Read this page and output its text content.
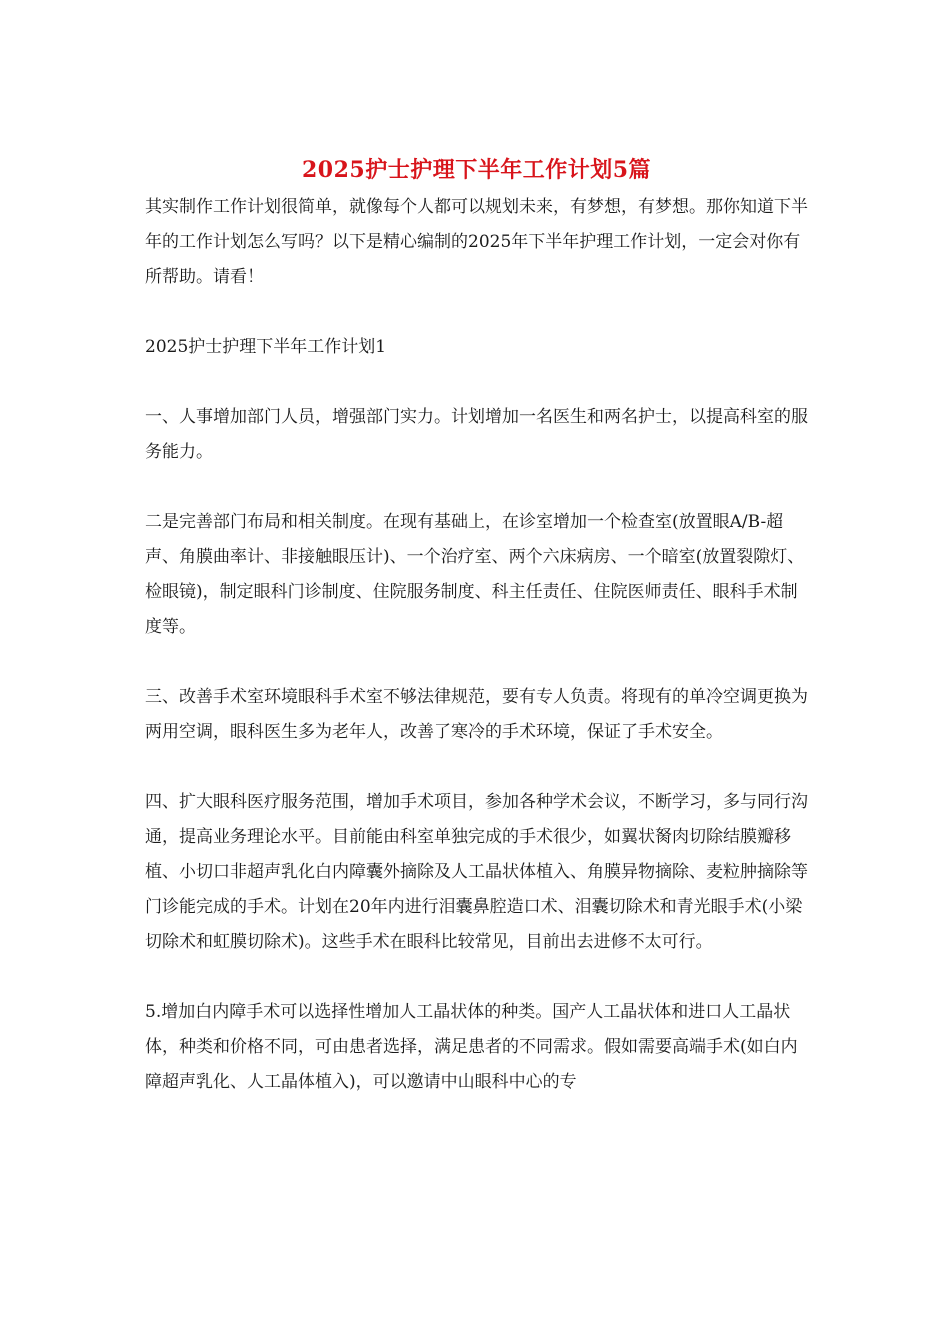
2025护士护理下半年工作计划5篇

其实制作工作计划很简单，就像每个人都可以规划未来，有梦想，有梦想。那你知道下半年的工作计划怎么写吗？以下是精心编制的2025年下半年护理工作计划，一定会对你有所帮助。请看！

2025护士护理下半年工作计划1

一、人事增加部门人员，增强部门实力。计划增加一名医生和两名护士，以提高科室的服务能力。

二是完善部门布局和相关制度。在现有基础上，在诊室增加一个检查室(放置眼A/B-超声、角膜曲率计、非接触眼压计)、一个治疗室、两个六床病房、一个暗室(放置裂隙灯、检眼镜)，制定眼科门诊制度、住院服务制度、科主任责任、住院医师责任、眼科手术制度等。

三、改善手术室环境眼科手术室不够法律规范，要有专人负责。将现有的单冷空调更换为两用空调，眼科医生多为老年人，改善了寒冷的手术环境，保证了手术安全。

四、扩大眼科医疗服务范围，增加手术项目，参加各种学术会议，不断学习，多与同行沟通，提高业务理论水平。目前能由科室单独完成的手术很少，如翼状胬肉切除结膜瓣移植、小切口非超声乳化白内障囊外摘除及人工晶状体植入、角膜异物摘除、麦粒肿摘除等门诊能完成的手术。计划在20年内进行泪囊鼻腔造口术、泪囊切除术和青光眼手术(小梁切除术和虹膜切除术)。这些手术在眼科比较常见，目前出去进修不太可行。

5.增加白内障手术可以选择性增加人工晶状体的种类。国产人工晶状体和进口人工晶状体，种类和价格不同，可由患者选择，满足患者的不同需求。假如需要高端手术(如白内障超声乳化、人工晶体植入)，可以邀请中山眼科中心的专
